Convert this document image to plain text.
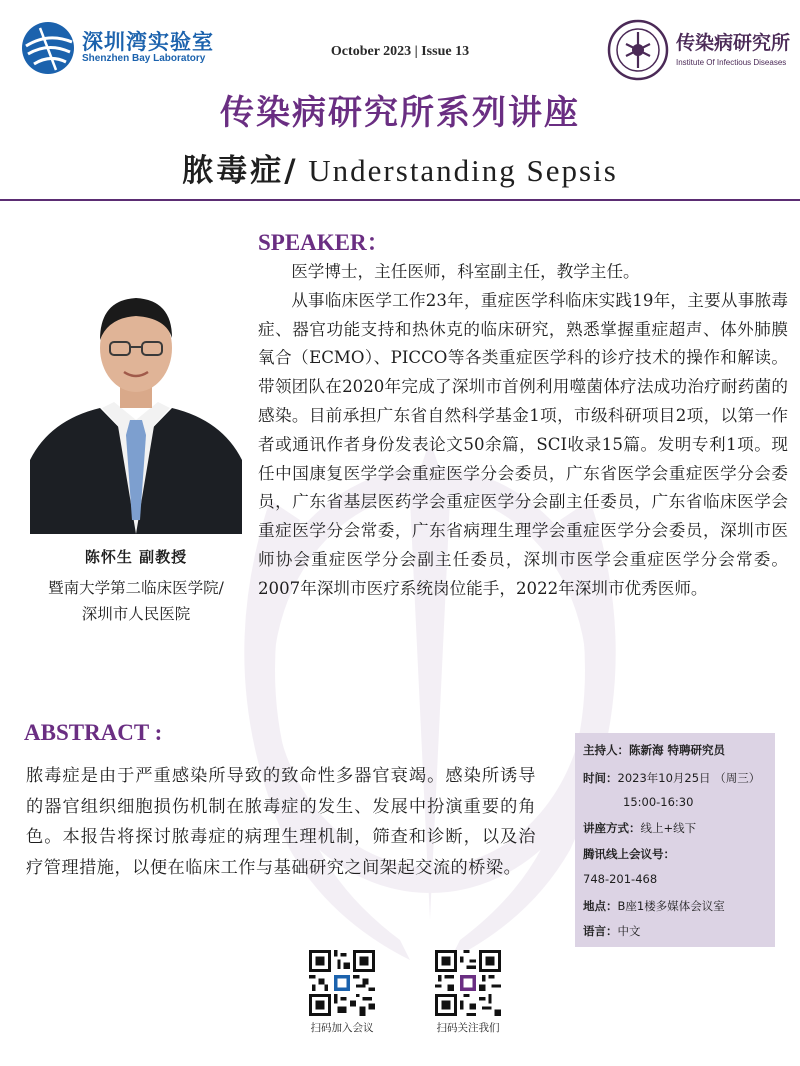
深圳湾实验室
Shenzhen Bay Laboratory	October 2023 | Issue 13	传染病研究所
Institute Of Infectious Diseases
传染病研究所系列讲座
脓毒症/ Understanding Sepsis
SPEAKER：
陈怀生 副教授
暨南大学第二临床医学院/
深圳市人民医院

医学博士，主任医师，科室副主任，教学主任。

从事临床医学工作23年，重症医学科临床实践19年，主要从事脓毒症、器官功能支持和热休克的临床研究，熟悉掌握重症超声、体外肺膜氧合（ECMO）、PICCO等各类重症医学科的诊疗技术的操作和解读。带领团队在2020年完成了深圳市首例利用噬菌体疗法成功治疗耐药菌的感染。目前承担广东省自然科学基金1项，市级科研项目2项，以第一作者或通讯作者身份发表论文50余篇，SCI收录15篇。发明专利1项。现任中国康复医学学会重症医学分会委员，广东省医学会重症医学分会委员，广东省基层医药学会重症医学分会副主任委员，广东省临床医学会重症医学分会常委，广东省病理生理学会重症医学分会委员，深圳市医师协会重症医学分会副主任委员，深圳市医学会重症医学分会常委。2007年深圳市医疗系统岗位能手，2022年深圳市优秀医师。

ABSTRACT :

脓毒症是由于严重感染所导致的致命性多器官衰竭。感染所诱导的器官组织细胞损伤机制在脓毒症的发生、发展中扮演重要的角色。本报告将探讨脓毒症的病理生理机制，筛查和诊断，以及治疗管理措施，以便在临床工作与基础研究之间架起交流的桥梁。

主持人：陈新海 特聘研究员
时间：2023年10月25日 （周三）
15:00-16:30
讲座方式：线上+线下
腾讯线上会议号：
748-201-468
地点：B座1楼多媒体会议室
语言：中文
扫码加入会议	扫码关注我们
